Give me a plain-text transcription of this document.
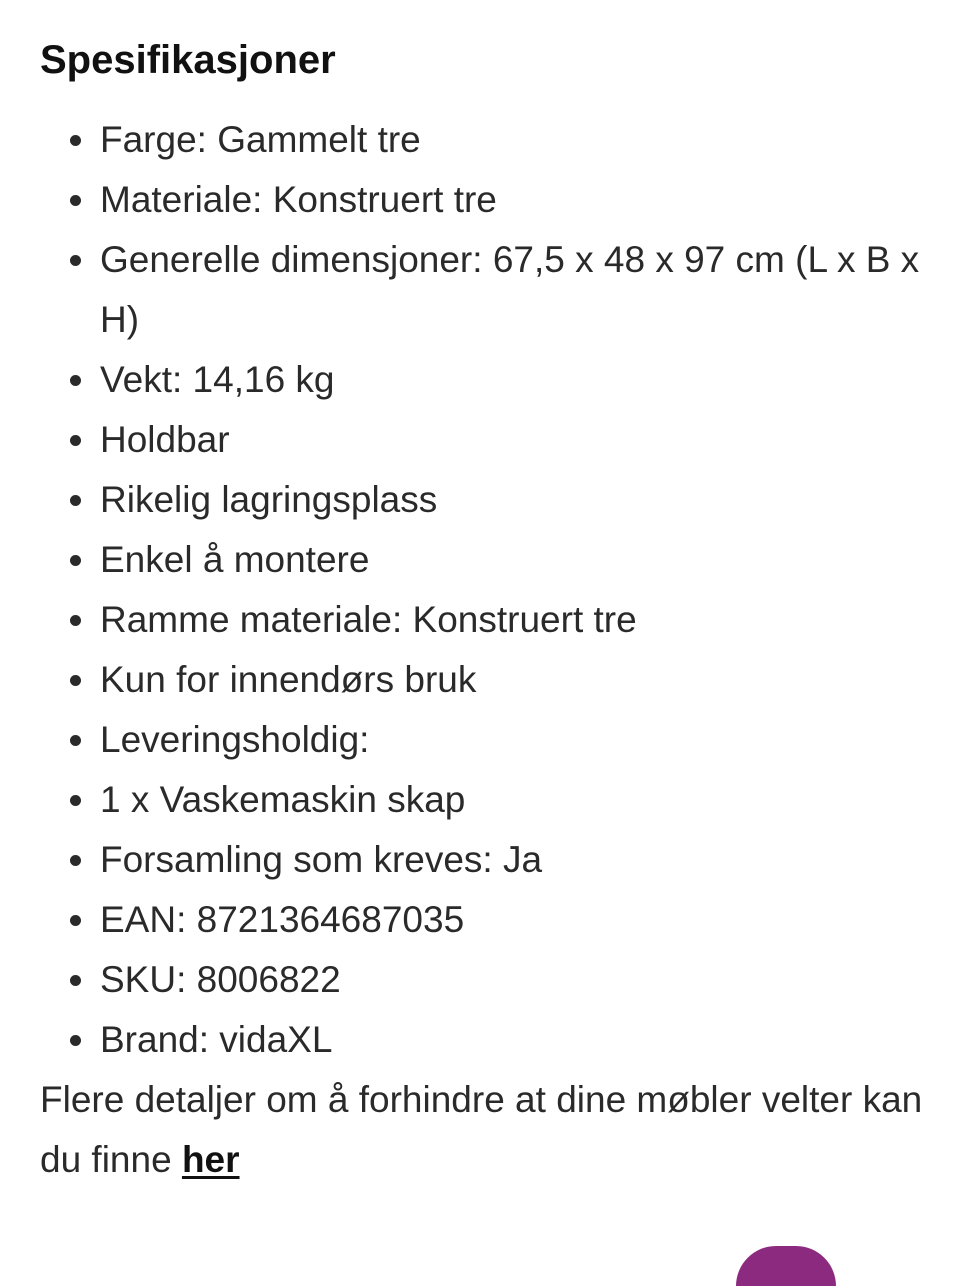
Spesifikasjoner
Farge: Gammelt tre
Materiale: Konstruert tre
Generelle dimensjoner: 67,5 x 48 x 97 cm (L x B x H)
Vekt: 14,16 kg
Holdbar
Rikelig lagringsplass
Enkel å montere
Ramme materiale: Konstruert tre
Kun for innendørs bruk
Leveringsholdig:
1 x Vaskemaskin skap
Forsamling som kreves: Ja
EAN: 8721364687035
SKU: 8006822
Brand: vidaXL

Flere detaljer om å forhindre at dine møbler velter kan du finne her
